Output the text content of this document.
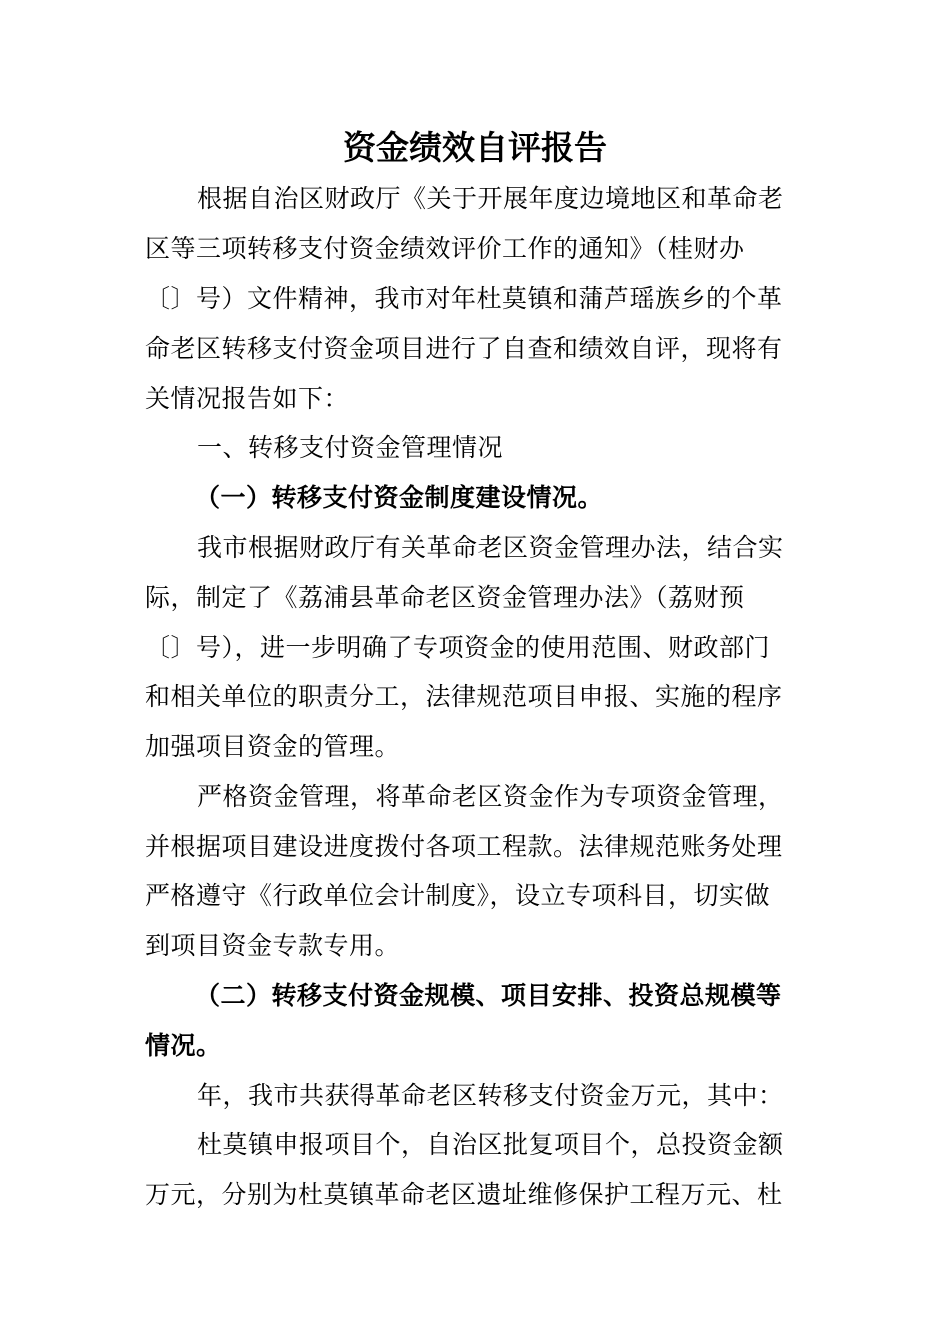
资金绩效自评报告
根据自治区财政厅《关于开展年度边境地区和革命老
区等三项转移支付资金绩效评价工作的通知》（桂财办
〔〕号）文件精神，我市对年杜莫镇和蒲芦瑶族乡的个革
命老区转移支付资金项目进行了自查和绩效自评，现将有
关情况报告如下：
一、转移支付资金管理情况
（一）转移支付资金制度建设情况。
我市根据财政厅有关革命老区资金管理办法，结合实
际，制定了《荔浦县革命老区资金管理办法》（荔财预
〔〕号），进一步明确了专项资金的使用范围、财政部门
和相关单位的职责分工，法律规范项目申报、实施的程序
加强项目资金的管理。
严格资金管理，将革命老区资金作为专项资金管理，
并根据项目建设进度拨付各项工程款。法律规范账务处理
严格遵守《行政单位会计制度》，设立专项科目，切实做
到项目资金专款专用。
（二）转移支付资金规模、项目安排、投资总规模等
情况。
年，我市共获得革命老区转移支付资金万元，其中：
杜莫镇申报项目个，自治区批复项目个，总投资金额
万元，分别为杜莫镇革命老区遗址维修保护工程万元、杜
